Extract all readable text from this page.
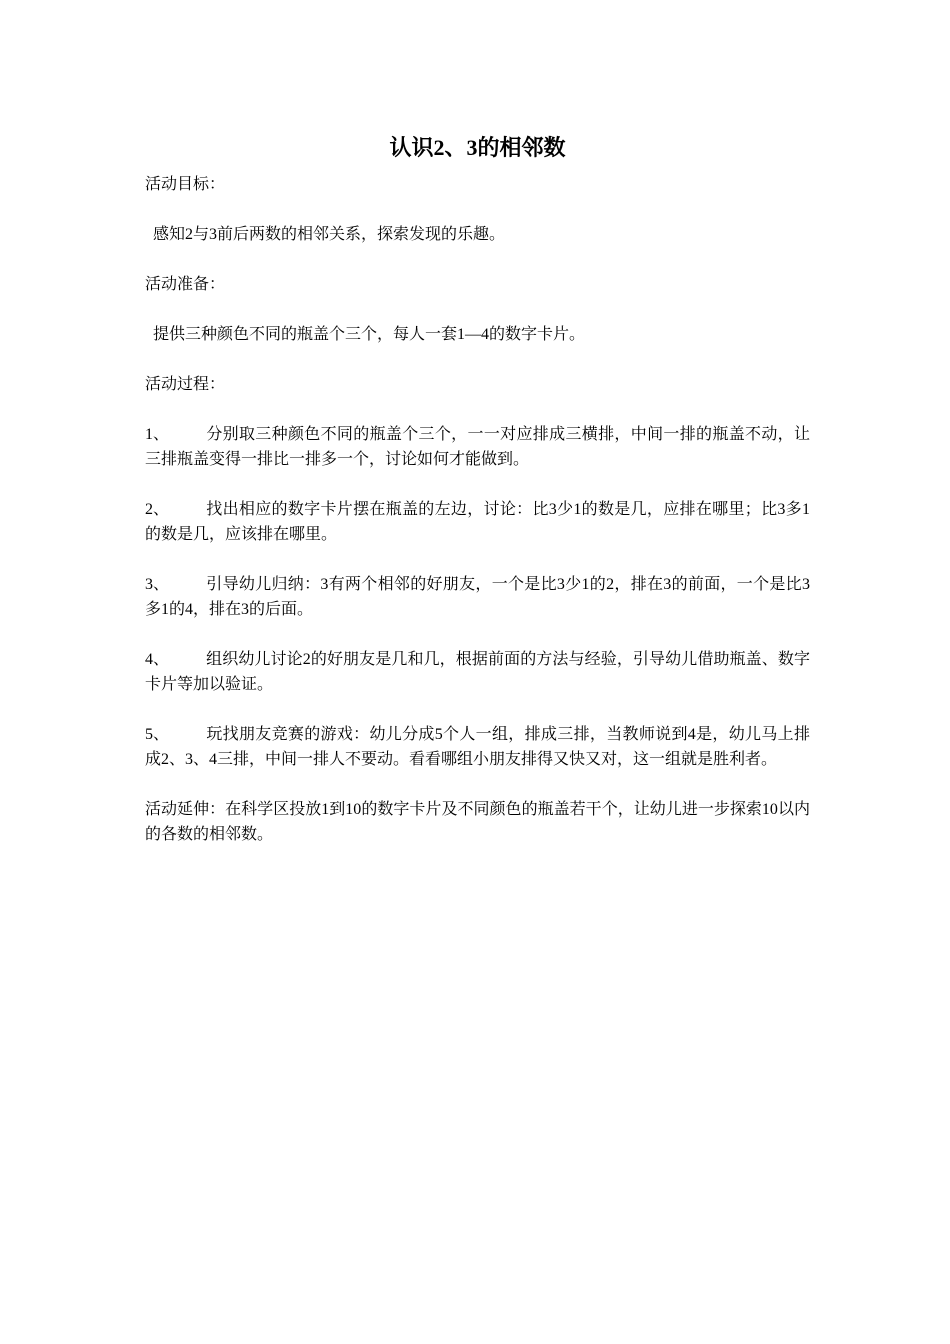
认识2、3的相邻数

活动目标：

感知2与3前后两数的相邻关系，探索发现的乐趣。

活动准备：

提供三种颜色不同的瓶盖个三个，每人一套1—4的数字卡片。

活动过程：

1、 分别取三种颜色不同的瓶盖个三个，一一对应排成三横排，中间一排的瓶盖不动，让三排瓶盖变得一排比一排多一个，讨论如何才能做到。

2、 找出相应的数字卡片摆在瓶盖的左边，讨论：比3少1的数是几，应排在哪里；比3多1的数是几，应该排在哪里。

3、 引导幼儿归纳：3有两个相邻的好朋友，一个是比3少1的2，排在3的前面，一个是比3多1的4，排在3的后面。

4、 组织幼儿讨论2的好朋友是几和几，根据前面的方法与经验，引导幼儿借助瓶盖、数字卡片等加以验证。

5、 玩找朋友竞赛的游戏：幼儿分成5个人一组，排成三排，当教师说到4是，幼儿马上排成2、3、4三排，中间一排人不要动。看看哪组小朋友排得又快又对，这一组就是胜利者。

活动延伸：在科学区投放1到10的数字卡片及不同颜色的瓶盖若干个，让幼儿进一步探索10以内的各数的相邻数。
